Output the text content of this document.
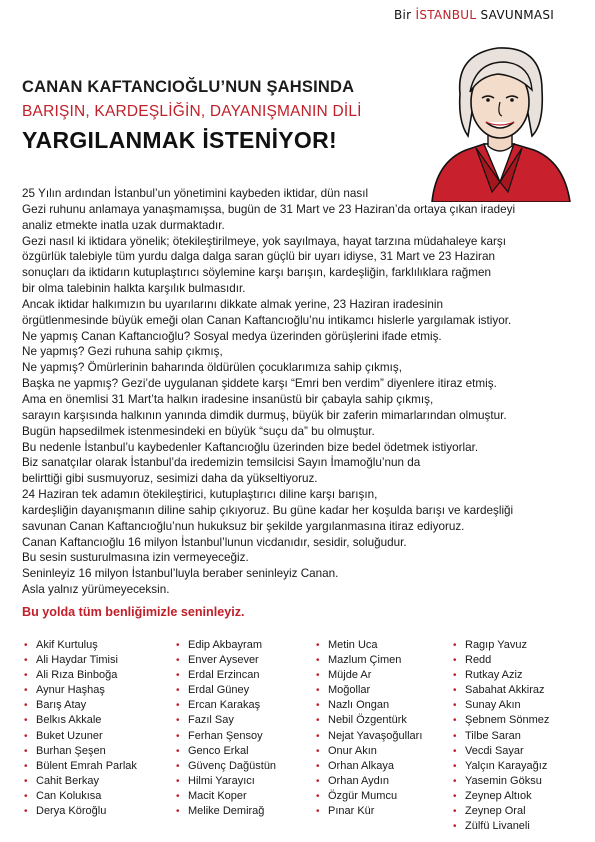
Bir İSTANBUL SAVUNMASI
CANAN KAFTANCIOĞLU’NUN ŞAHSINDA
BARIŞIN, KARDEŞLİĞİN, DAYANIŞMANIN DİLİ
YARGILANMAK İSTENİYOR!
25 Yılın ardından İstanbul’un yönetimini kaybeden iktidar, dün nasıl
Gezi ruhunu anlamaya yanaşmamışsa, bugün de 31 Mart ve 23 Haziran’da ortaya çıkan iradeyi
analiz etmekte inatla uzak durmaktadır.
Gezi nasıl ki iktidara yönelik; ötekileştirilmeye, yok sayılmaya, hayat tarzına müdahaleye karşı
özgürlük talebiyle tüm yurdu dalga dalga saran güçlü bir uyarı idiyse, 31 Mart ve 23 Haziran
sonuçları da iktidarın kutuplaştırıcı söylemine karşı barışın, kardeşliğin, farklılıklara rağmen
bir olma talebinin halkta karşılık bulmasıdır.
Ancak iktidar halkımızın bu uyarılarını dikkate almak yerine, 23 Haziran iradesinin
örgütlenmesinde büyük emeği olan Canan Kaftancıoğlu’nu intikamcı hislerle yargılamak istiyor.
Ne yapmış Canan Kaftancıoğlu? Sosyal medya üzerinden görüşlerini ifade etmiş.
Ne yapmış? Gezi ruhuna sahip çıkmış,
Ne yapmış? Ömürlerinin baharında öldürülen çocuklarımıza sahip çıkmış,
Başka ne yapmış? Gezi’de uygulanan şiddete karşı “Emri ben verdim” diyenlere itiraz etmiş.
Ama en önemlisi 31 Mart’ta halkın iradesine insanüstü bir çabayla sahip çıkmış,
sarayın karşısında halkının yanında dimdik durmuş, büyük bir zaferin mimarlarından olmuştur.
Bugün hapsedilmek istenmesindeki en büyük “suçu da” bu olmuştur.
Bu nedenle İstanbul’u kaybedenler Kaftancıoğlu üzerinden bize bedel ödetmek istiyorlar.
Biz sanatçılar olarak İstanbul’da iredemizin temsilcisi Sayın İmamoğlu’nun da
belirttiği gibi susmuyoruz, sesimizi daha da yükseltiyoruz.
24 Haziran tek adamın ötekileştirici, kutuplaştırıcı diline karşı barışın,
kardeşliğin dayanışmanın diline sahip çıkıyoruz. Bu güne kadar her koşulda barışı ve kardeşliği
savunan Canan Kaftancıoğlu’nun hukuksuz bir şekilde yargılanmasına itiraz ediyoruz.
Canan Kaftancıoğlu 16 milyon İstanbul’lunun vicdanıdır, sesidir, soluğudur.
Bu sesin susturulmasına izin vermeyeceğiz.
Seninleyiz 16 milyon İstanbul’luyla beraber seninleyiz Canan.
Asla yalnız yürümeyeceksin.
Bu yolda tüm benliğimizle seninleyiz.
• Akif Kurtuluş
• Ali Haydar Timisi
• Ali Rıza Binboğa
• Aynur Haşhaş
• Barış Atay
• Belkıs Akkale
• Buket Uzuner
• Burhan Şeşen
• Bülent Emrah Parlak
• Cahit Berkay
• Can Kolukısa
• Derya Köroğlu
• Edip Akbayram
• Enver Aysever
• Erdal Erzincan
• Erdal Güney
• Ercan Karakaş
• Fazıl Say
• Ferhan Şensoy
• Genco Erkal
• Güvenç Dağüstün
• Hilmi Yarayıcı
• Macit Koper
• Melike Demirağ
• Metin Uca
• Mazlum Çimen
• Müjde Ar
• Moğollar
• Nazlı Ongan
• Nebil Özgentürk
• Nejat Yavaşoğulları
• Onur Akın
• Orhan Alkaya
• Orhan Aydın
• Özgür Mumcu
• Pınar Kür
• Ragıp Yavuz
• Redd
• Rutkay Aziz
• Sabahat Akkiraz
• Sunay Akın
• Şebnem Sönmez
• Tilbe Saran
• Vecdi Sayar
• Yalçın Karayağız
• Yasemin Göksu
• Zeynep Altıok
• Zeynep Oral
• Zülfü Livaneli
